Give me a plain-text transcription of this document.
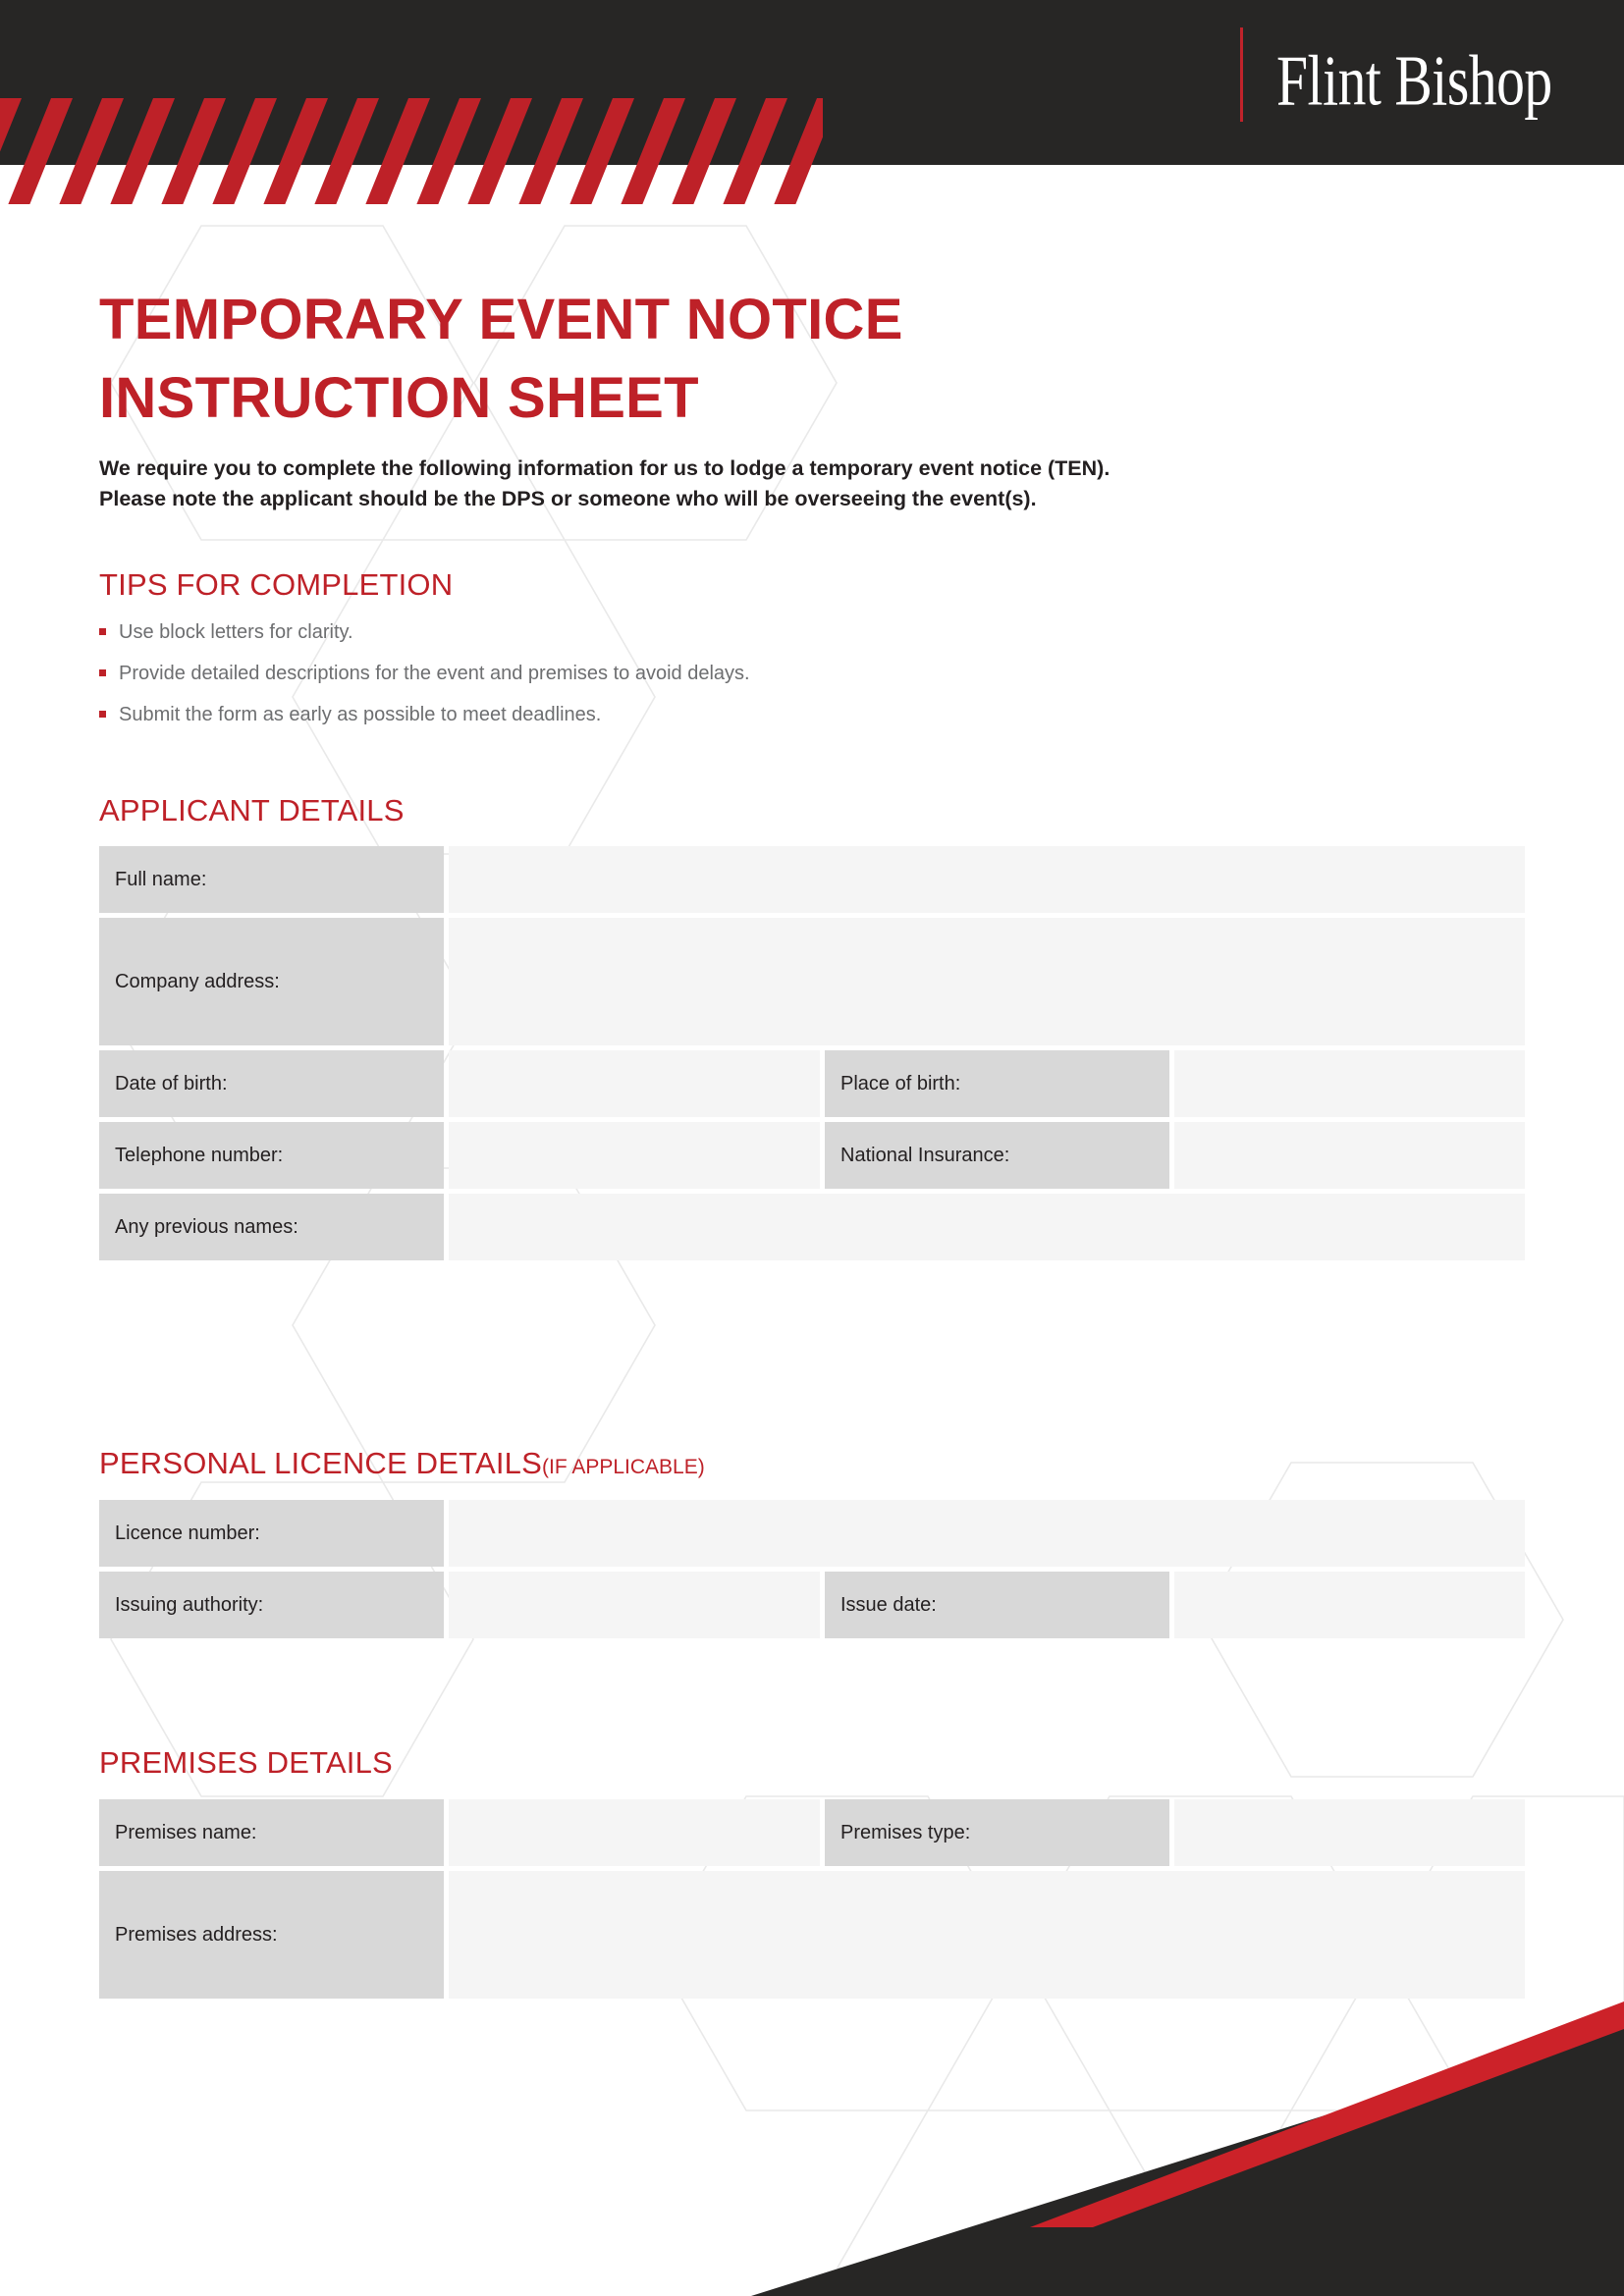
Flint Bishop
TEMPORARY EVENT NOTICE
INSTRUCTION SHEET
We require you to complete the following information for us to lodge a temporary event notice (TEN).
Please note the applicant should be the DPS or someone who will be overseeing the event(s).
TIPS FOR COMPLETION
Use block letters for clarity.
Provide detailed descriptions for the event and premises to avoid delays.
Submit the form as early as possible to meet deadlines.
APPLICANT DETAILS
Full name:
Company address:
Date of birth:	Place of birth:
Telephone number:	National Insurance:
Any previous names:
PERSONAL LICENCE DETAILS(IF APPLICABLE)
Licence number:
Issuing authority:	Issue date:
PREMISES DETAILS
Premises name:	Premises type:
Premises address:
